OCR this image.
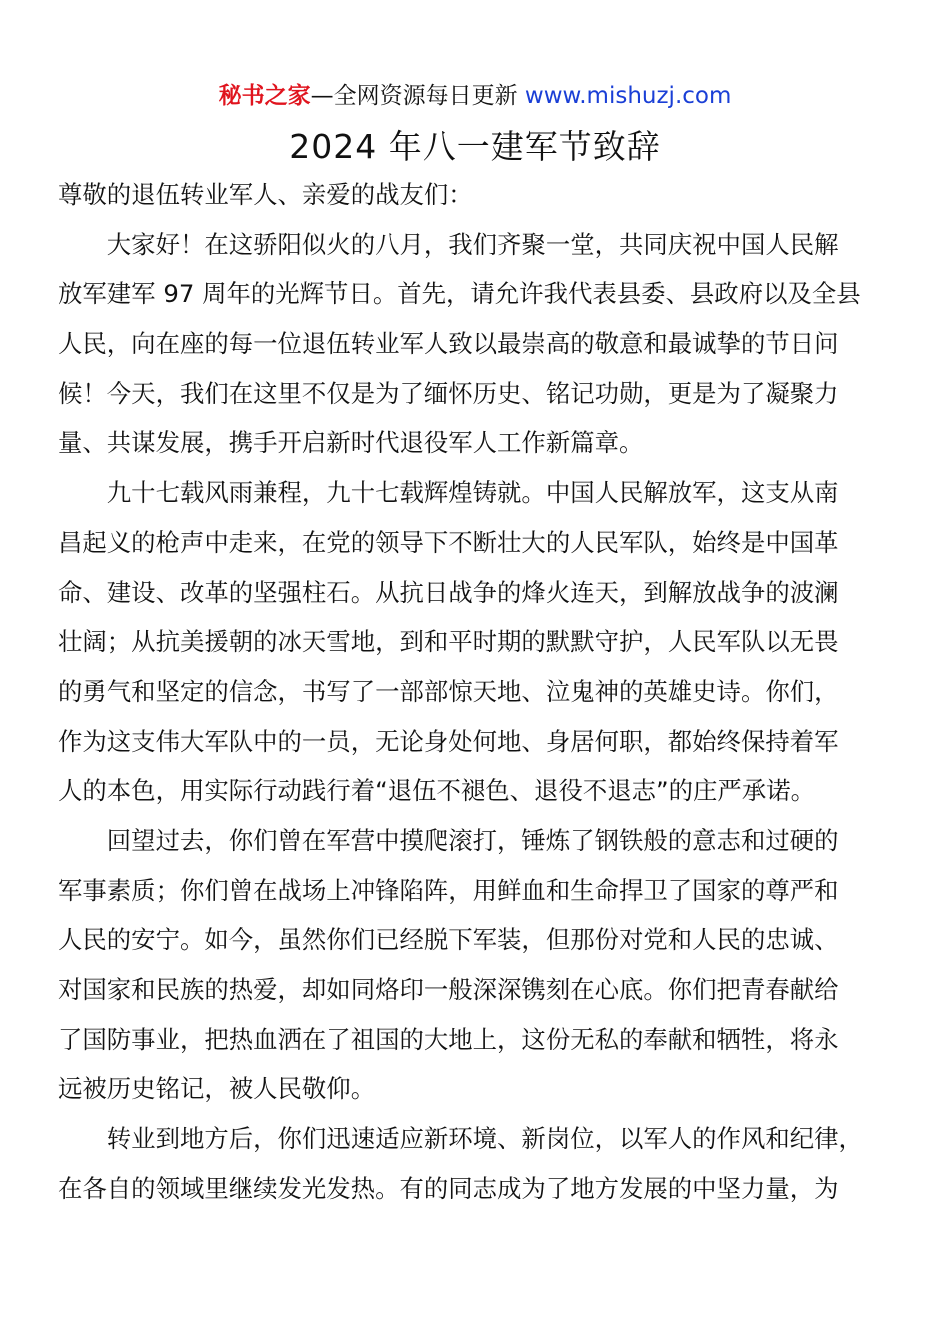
秘书之家—全网资源每日更新 www.mishuzj.com
2024 年八一建军节致辞
尊敬的退伍转业军人、亲爱的战友们：
　　大家好！在这骄阳似火的八月，我们齐聚一堂，共同庆祝中国人民解
放军建军 97 周年的光辉节日。首先，请允许我代表县委、县政府以及全县
人民，向在座的每一位退伍转业军人致以最崇高的敬意和最诚挚的节日问
候！今天，我们在这里不仅是为了缅怀历史、铭记功勋，更是为了凝聚力
量、共谋发展，携手开启新时代退役军人工作新篇章。
　　九十七载风雨兼程，九十七载辉煌铸就。中国人民解放军，这支从南
昌起义的枪声中走来，在党的领导下不断壮大的人民军队，始终是中国革
命、建设、改革的坚强柱石。从抗日战争的烽火连天，到解放战争的波澜
壮阔；从抗美援朝的冰天雪地，到和平时期的默默守护，人民军队以无畏
的勇气和坚定的信念，书写了一部部惊天地、泣鬼神的英雄史诗。你们，
作为这支伟大军队中的一员，无论身处何地、身居何职，都始终保持着军
人的本色，用实际行动践行着“退伍不褪色、退役不退志”的庄严承诺。
　　回望过去，你们曾在军营中摸爬滚打，锤炼了钢铁般的意志和过硬的
军事素质；你们曾在战场上冲锋陷阵，用鲜血和生命捍卫了国家的尊严和
人民的安宁。如今，虽然你们已经脱下军装，但那份对党和人民的忠诚、
对国家和民族的热爱，却如同烙印一般深深镌刻在心底。你们把青春献给
了国防事业，把热血洒在了祖国的大地上，这份无私的奉献和牺牲，将永
远被历史铭记，被人民敬仰。
　　转业到地方后，你们迅速适应新环境、新岗位，以军人的作风和纪律，
在各自的领域里继续发光发热。有的同志成为了地方发展的中坚力量，为
